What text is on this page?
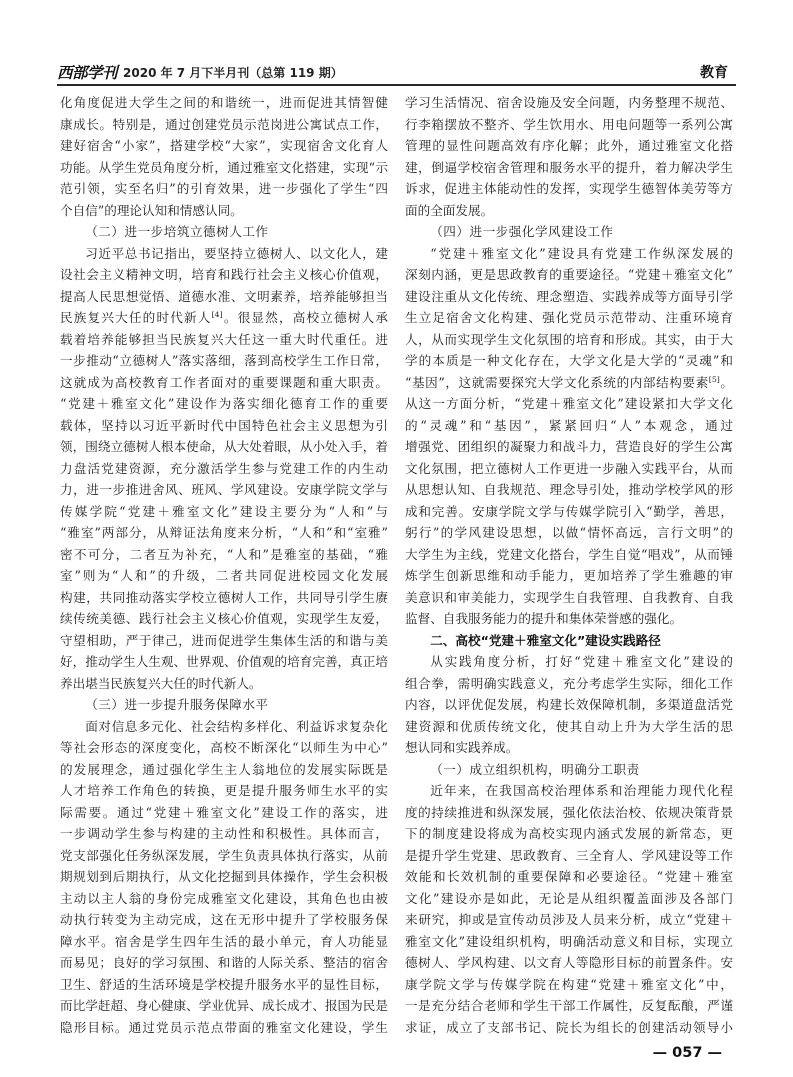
西部学刊 2020 年 7 月下半月刊（总第 119 期）	教育
化角度促进大学生之间的和谐统一，进而促进其情智健
康成长。特别是，通过创建党员示范岗进公寓试点工作，
建好宿舍“小家”，搭建学校“大家”，实现宿舍文化育人
功能。从学生党员角度分析，通过雅室文化搭建，实现“示
范引领，实至名归”的引育效果，进一步强化了学生“四
个自信”的理论认知和情感认同。
（二）进一步培筑立德树人工作
习近平总书记指出，要坚持立德树人、以文化人，建
设社会主义精神文明，培育和践行社会主义核心价值观，
提高人民思想觉悟、道德水准、文明素养，培养能够担当
民族复兴大任的时代新人[4]。很显然，高校立德树人承
载着培养能够担当民族复兴大任这一重大时代重任。进
一步推动“立德树人”落实落细，落到高校学生工作日常，
这就成为高校教育工作者面对的重要课题和重大职责。
“党建＋雅室文化”建设作为落实细化德育工作的重要
载体，坚持以习近平新时代中国特色社会主义思想为引
领，围绕立德树人根本使命，从大处着眼，从小处入手，着
力盘活党建资源，充分激活学生参与党建工作的内生动
力，进一步推进舍风、班风、学风建设。安康学院文学与
传媒学院“党建＋雅室文化”建设主要分为“人和”与
“雅室”两部分，从辩证法角度来分析，“人和”和“室雅”
密不可分，二者互为补充，“人和”是雅室的基础，“雅
室”则为“人和”的升级，二者共同促进校园文化发展
构建，共同推动落实学校立德树人工作，共同导引学生赓
续传统美德、践行社会主义核心价值观，实现学生友爱，
守望相助，严于律己，进而促进学生集体生活的和谐与美
好，推动学生人生观、世界观、价值观的培育完善，真正培
养出堪当民族复兴大任的时代新人。
（三）进一步提升服务保障水平
面对信息多元化、社会结构多样化、利益诉求复杂化
等社会形态的深度变化，高校不断深化“以师生为中心”
的发展理念，通过强化学生主人翁地位的发展实际既是
人才培养工作角色的转换，更是提升服务师生水平的实
际需要。通过“党建＋雅室文化”建设工作的落实，进
一步调动学生参与构建的主动性和积极性。具体而言，
党支部强化任务纵深发展，学生负责具体执行落实，从前
期规划到后期执行，从文化挖掘到具体操作，学生会积极
主动以主人翁的身份完成雅室文化建设，其角色也由被
动执行转变为主动完成，这在无形中提升了学校服务保
障水平。宿舍是学生四年生活的最小单元，育人功能显
而易见；良好的学习氛围、和谐的人际关系、整洁的宿舍
卫生、舒适的生活环境是学校提升服务水平的显性目标，
而比学赶超、身心健康、学业优异、成长成才、报国为民是
隐形目标。通过党员示范点带面的雅室文化建设，学生
学习生活情况、宿舍设施及安全问题，内务整理不规范、
行李箱摆放不整齐、学生饮用水、用电问题等一系列公寓
管理的显性问题高效有序化解；此外，通过雅室文化搭
建，倒逼学校宿舍管理和服务水平的提升，着力解决学生
诉求，促进主体能动性的发挥，实现学生德智体美劳等方
面的全面发展。
（四）进一步强化学风建设工作
“党建＋雅室文化”建设具有党建工作纵深发展的
深刻内涵，更是思政教育的重要途径。“党建＋雅室文化”
建设注重从文化传统、理念塑造、实践养成等方面导引学
生立足宿舍文化构建、强化党员示范带动、注重环境育
人，从而实现学生文化氛围的培育和形成。其实，由于大
学的本质是一种文化存在，大学文化是大学的“灵魂”和
“基因”，这就需要探究大学文化系统的内部结构要素[5]。
从这一方面分析，“党建＋雅室文化”建设紧扣大学文化
的“灵魂”和“基因”，紧紧回归“人”本观念，通过
增强党、团组织的凝聚力和战斗力，营造良好的学生公寓
文化氛围，把立德树人工作更进一步融入实践平台，从而
从思想认知、自我规范、理念导引处，推动学校学风的形
成和完善。安康学院文学与传媒学院引入“勤学，善思，
躬行”的学风建设思想，以做“情怀高远，言行文明”的
大学生为主线，党建文化搭台，学生自觉“唱戏”，从而锤
炼学生创新思维和动手能力，更加培养了学生雅趣的审
美意识和审美能力，实现学生自我管理、自我教育、自我
监督、自我服务能力的提升和集体荣誉感的强化。
二、高校“党建＋雅室文化”建设实践路径
从实践角度分析，打好“党建＋雅室文化”建设的
组合拳，需明确实践意义，充分考虑学生实际，细化工作
内容，以评优促发展，构建长效保障机制，多渠道盘活党
建资源和优质传统文化，使其自动上升为大学生活的思
想认同和实践养成。
（一）成立组织机构，明确分工职责
近年来，在我国高校治理体系和治理能力现代化程
度的持续推进和纵深发展，强化依法治校、依规决策背景
下的制度建设将成为高校实现内涵式发展的新常态，更
是提升学生党建、思政教育、三全育人、学风建设等工作
效能和长效机制的重要保障和必要途径。“党建＋雅室
文化”建设亦是如此，无论是从组织覆盖面涉及各部门
来研究，抑或是宣传动员涉及人员来分析，成立“党建＋
雅室文化”建设组织机构，明确活动意义和目标，实现立
德树人、学风构建、以文育人等隐形目标的前置条件。安
康学院文学与传媒学院在构建“党建＋雅室文化”中，
一是充分结合老师和学生干部工作属性，反复酝酿，严谨
求证，成立了支部书记、院长为组长的创建活动领导小
— 057 —
